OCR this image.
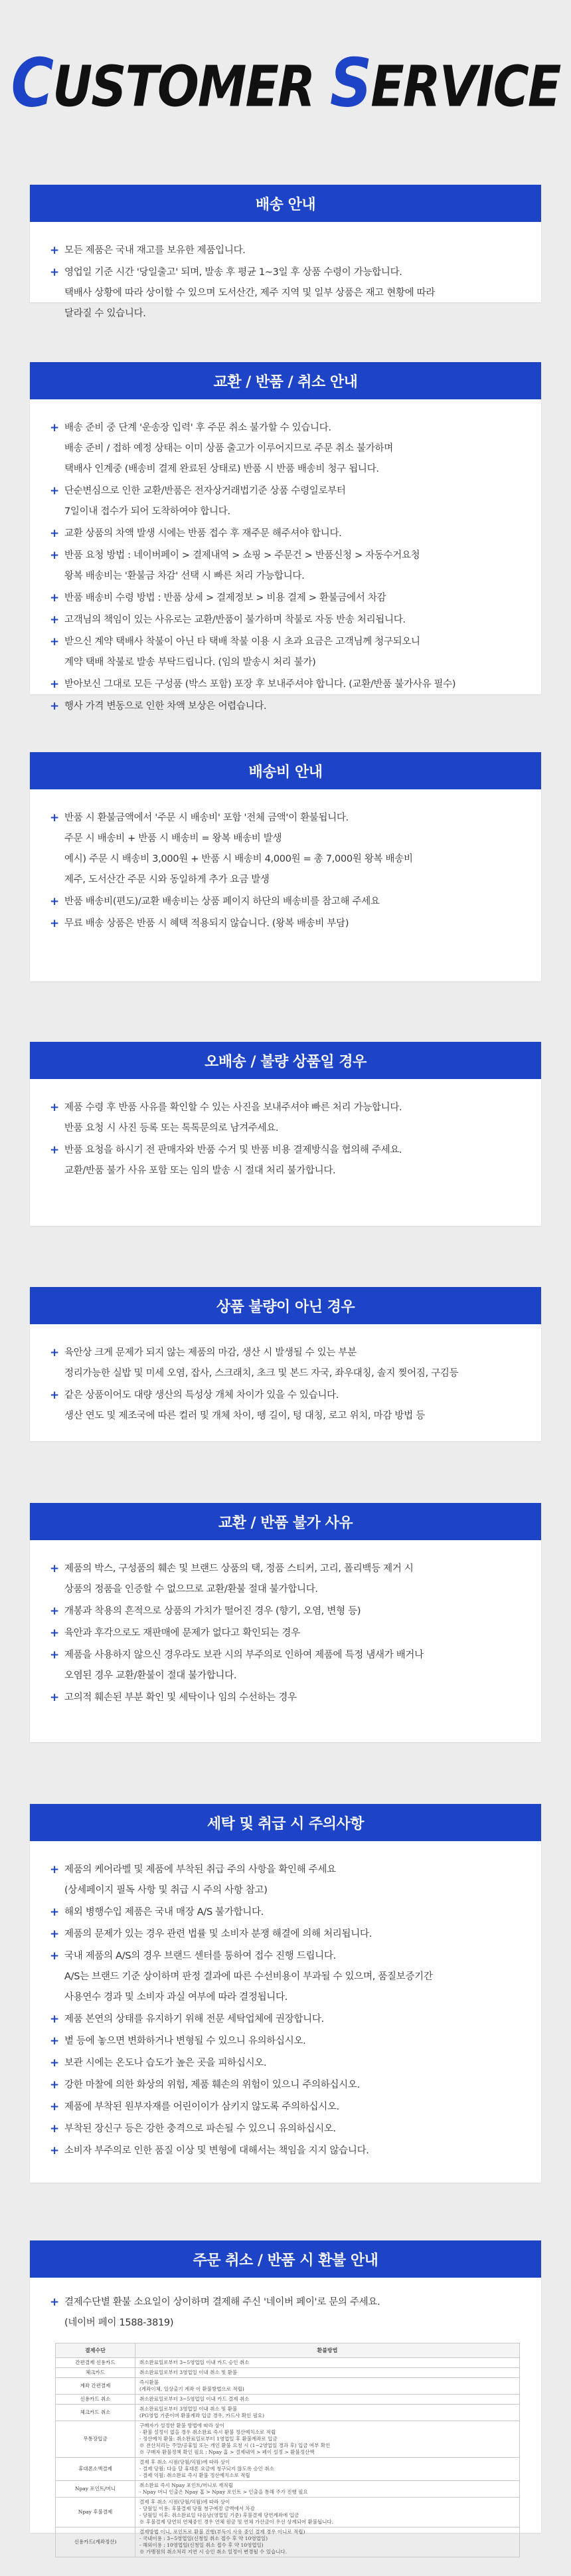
CUSTOMER SERVICE
배송 안내
+ 모든 제품은 국내 재고를 보유한 제품입니다.
+ 영업일 기준 시간 '당일출고' 되며, 발송 후 평균 1~3일 후 상품 수령이 가능합니다.
택배사 상황에 따라 상이할 수 있으며 도서산간, 제주 지역 및 일부 상품은 재고 현황에 따라
달라질 수 있습니다.
교환 / 반품 / 취소 안내
+ 배송 준비 중 단계 '운송장 입력' 후 주문 취소 불가할 수 있습니다.
배송 준비 / 접하 예정 상태는 이미 상품 출고가 이루어지므로 주문 취소 불가하며
택배사 인계중 (배송비 결제 완료된 상태로) 반품 시 반품 배송비 청구 됩니다.
+ 단순변심으로 인한 교환/반품은 전자상거래법기준 상품 수령일로부터
7일이내 접수가 되어 도착하여야 합니다.
+ 교환 상품의 차액 발생 시에는 반품 접수 후 재주문 해주셔야 합니다.
+ 반품 요청 방법 : 네이버페이 > 결제내역 > 쇼핑 > 주문건 > 반품신청 > 자동수거요청
왕복 배송비는 '환불금 차감' 선택 시 빠른 처리 가능합니다.
+ 반품 배송비 수령 방법 : 반품 상세 > 결제정보 > 비용 결제 > 환불금에서 차감
+ 고객님의 책임이 있는 사유로는 교환/반품이 불가하며 착불로 자동 반송 처리됩니다.
+ 받으신 계약 택배사 착불이 아닌 타 택배 착불 이용 시 초과 요금은 고객님께 청구되오니
계약 택배 착불로 발송 부탁드립니다. (임의 발송시 처리 불가)
+ 받아보신 그대로 모든 구성품 (박스 포함) 포장 후 보내주셔야 합니다. (교환/반품 불가사유 필수)
+ 행사 가격 변동으로 인한 차액 보상은 어렵습니다.
배송비 안내
+ 반품 시 환불금액에서 '주문 시 배송비' 포함 '전체 금액'이 환불됩니다.
주문 시 배송비 + 반품 시 배송비 = 왕복 배송비 발생
예시) 주문 시 배송비 3,000원 + 반품 시 배송비 4,000원 = 총 7,000원 왕복 배송비
제주, 도서산간 주문 시와 동일하게 추가 요금 발생
+ 반품 배송비(편도)/교환 배송비는 상품 페이지 하단의 배송비를 참고해 주세요
+ 무료 배송 상품은 반품 시 혜택 적용되지 않습니다. (왕복 배송비 부담)
오배송 / 불량 상품일 경우
+ 제품 수령 후 반품 사유를 확인할 수 있는 사진을 보내주셔야 빠른 처리 가능합니다.
반품 요청 시 사진 등록 또는 톡톡문의로 남겨주세요.
+ 반품 요청을 하시기 전 판매자와 반품 수거 및 반품 비용 결제방식을 협의해 주세요.
교환/반품 불가 사유 포함 또는 임의 발송 시 절대 처리 불가합니다.
상품 불량이 아닌 경우
+ 육안상 크게 문제가 되지 않는 제품의 마감, 생산 시 발생될 수 있는 부분
정리가능한 실밥 및 미세 오염, 잡사, 스크래치, 초크 및 본드 자국, 좌우대칭, 솔지 찢어짐, 구김등
+ 같은 상품이어도 대량 생산의 특성상 개체 차이가 있을 수 있습니다.
생산 연도 및 제조국에 따른 컬러 및 개체 차이, 뗑 길이, 텅 대칭, 로고 위치, 마감 방법 등
교환 / 반품 불가 사유
+ 제품의 박스, 구성품의 훼손 및 브랜드 상품의 택, 정품 스티커, 고리, 폴리백등 제거 시
상품의 정품을 인증할 수 없으므로 교환/환불 절대 불가합니다.
+ 개봉과 착용의 흔적으로 상품의 가치가 떨어진 경우 (향기, 오염, 변형 등)
+ 육안과 후각으로도 재판매에 문제가 없다고 확인되는 경우
+ 제품을 사용하지 않으신 경우라도 보관 시의 부주의로 인하여 제품에 특정 냄새가 배거나
오염된 경우 교환/환불이 절대 불가합니다.
+ 고의적 훼손된 부분 확인 및 세탁이나 임의 수선하는 경우
세탁 및 취급 시 주의사항
+ 제품의 케어라벨 및 제품에 부착된 취급 주의 사항을 확인해 주세요
(상세페이지 필독 사항 및 취급 시 주의 사항 참고)
+ 해외 병행수입 제품은 국내 매장 A/S 불가합니다.
+ 제품의 문제가 있는 경우 관련 법률 및 소비자 분쟁 해결에 의해 처리됩니다.
+ 국내 제품의 A/S의 경우 브랜드 센터를 통하여 접수 진행 드립니다.
A/S는 브랜드 기준 상이하며 판정 결과에 따른 수선비용이 부과될 수 있으며, 품질보증기간
사용연수 경과 및 소비자 과실 여부에 따라 결정됩니다.
+ 제품 본연의 상태를 유지하기 위해 전문 세탁업체에 권장합니다.
+ 볕 등에 놓으면 변화하거나 변형될 수 있으니 유의하십시오.
+ 보관 시에는 온도나 습도가 높은 곳을 피하십시오.
+ 강한 마찰에 의한 화상의 위험, 제품 훼손의 위험이 있으니 주의하십시오.
+ 제품에 부착된 원부자재를 어린이이가 삼키지 않도록 주의하십시오.
+ 부착된 장신구 등은 강한 충격으로 파손될 수 있으니 유의하십시오.
+ 소비자 부주의로 인한 품질 이상 및 변형에 대해서는 책임을 지지 않습니다.
주문 취소 / 반품 시 환불 안내
+ 결제수단별 환불 소요일이 상이하며 결제해 주신 '네이버 페이'로 문의 주세요.
(네이버 페이 1588-3819)
결제수단	환불방법
간편결제 신용카드	취소완료일로부터 3~5영업일 이내 카드 승인 취소

체크카드	취소완료일로부터 3영업일 이내 취소 및 환불

계좌 간편결제	즉시환불
(계좌이체, 일상출기 계좌 이 환불방법으로 적립)

신용카드 취소	취소완료일로부터 3~5영업일 이내 카드 결제 취소

체크카드 취소	취소완료일로부터 3영업일 이내 취소 및 환불
(PG영업 기준이며 환불계좌 입금 경우, 카드사 확인 필요)

무통장입금	구매자가 설정한 환불 방법에 따라 상이
- 환불 설정이 없을 경우 취소완료 즉시 환불 정산예치소로 적립
- 정산예치 환불: 취소완료일로부터 1영업일 후 환불계좌로 입금
※ 전산처리는 주말/공휴일 또는 개인 환불 요청 시 (1~2영업일 경과 후) 입금 여부 확인
※ 구매자 환불정책 확인 필요 : Npay 홈 > 결제내역 > 페이 설정 > 환불정산액

휴대폰소액결제	결제 후 취소 시점(당월/익월)에 따라 상이
- 결제 당월: 다음 달 휴대폰 요금에 청구되지 않도록 승인 취소
- 결제 익월: 취소완료 즉시 환불 정산예치소로 적립

Npay 포인트/머니	취소완료 즉시 Npay 포인트/머니로 재적립
- Npay 머니 인출은 Npay 홈 > Npay 포인트 > 인출을 통해 주가 진행 필요

Npay 후불결제	결제 후 취소 시점(당월/익월)에 따라 상이
- 당월일 이용: 후불결제 당월 청구예정 금액에서 차감
- 당월일 이후: 취소완료일 다음날(영업일 기준) 후불결제 당연계좌에 입금
※ 후불결제 당연히 연체중인 경우 연체 원금 및 연체 가산금이 우선 상계되어 환불됩니다.

신용카드(계좌정산)	결제방법 이니, 포인트로 환불 진행(부득이 사유 중인 결제 경우 이니로 적립)
- 국내이용 : 3~5영업일(신청일 취소 접수 후 약 10영업일)
- 해외이용 : 10영업일(신청일 취소 접수 후 약 10영업일)
※ 가맹점의 취소처리 지연 시 승인 취소 일정이 변경될 수 있습니다.
